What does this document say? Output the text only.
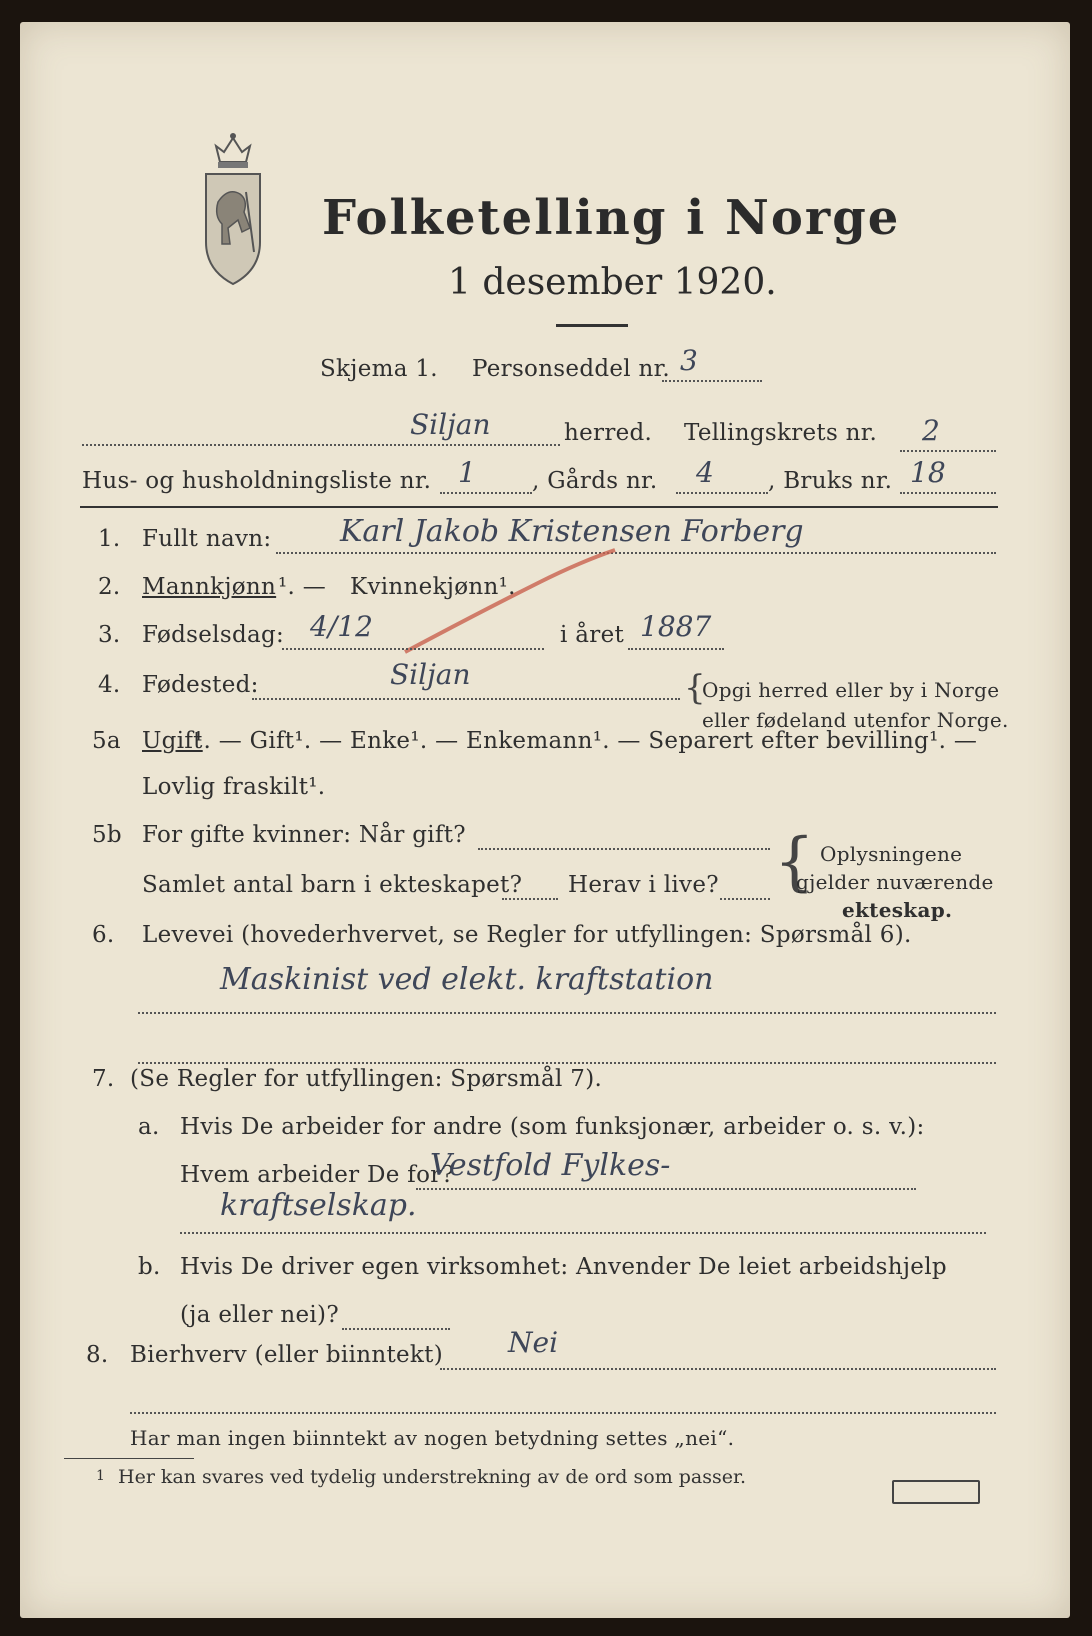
Folketelling i Norge
1 desember 1920.
Skjema 1. Personseddel nr. 3
Siljan	herred. Tellingskrets nr. 2
Hus- og husholdningsliste nr. 1 , Gårds nr. 4 , Bruks nr. 18
1. Fullt navn: Karl Jakob Kristensen Forberg
2. Mannkjønn ¹. — Kvinnekjønn¹.
3. Fødselsdag: 4/12	i året 1887
4. Fødested:	Siljan	{
Opgi herred eller by i Norge
eller fødeland utenfor Norge.
5a Ugift
¹. — Gift¹. — Enke¹. — Enkemann¹. — Separert efter bevilling¹. —
Lovlig fraskilt¹.
5b For gifte kvinner: Når gift?
Samlet antal barn i ekteskapet? Herav i live? { Oplysningene
gjelder nuværende
ekteskap.
6. Levevei (hovederhvervet, se Regler for utfyllingen: Spørsmål 6).
Maskinist ved elekt. kraftstation
7. (Se Regler for utfyllingen: Spørsmål 7).
a. Hvis De arbeider for andre (som funksjonær, arbeider o. s. v.):
Hvem arbeider De for?
Vestfold Fylkes-
kraftselskap.
b. Hvis De driver egen virksomhet: Anvender De leiet arbeidshjelp
(ja eller nei)?
8. Bierhverv (eller biinntekt) Nei
Har man ingen biinntekt av nogen betydning settes „nei“.
1 Her kan svares ved tydelig understrekning av de ord som passer.
